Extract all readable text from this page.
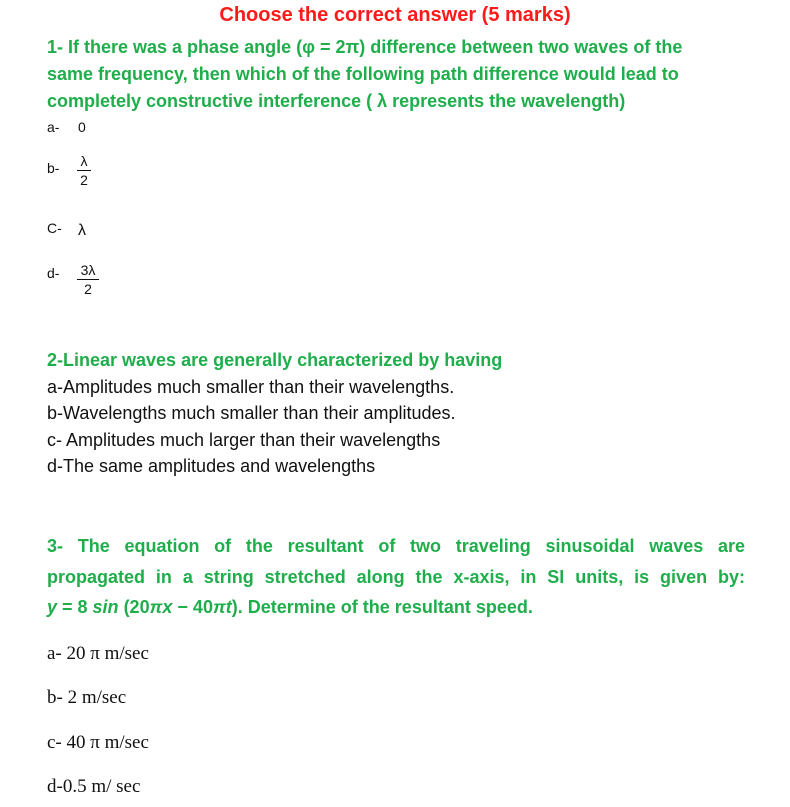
Choose the correct answer (5 marks)
1- If there was a phase angle (φ = 2π) difference between two waves of the
same frequency, then which of the following path difference would lead to
completely constructive interference ( λ represents the wavelength)
a- 0
b- λ
2
C- λ
d- 3λ
2
2-Linear waves are generally characterized by having
a-Amplitudes much smaller than their wavelengths.
b-Wavelengths much smaller than their amplitudes.
c- Amplitudes much larger than their wavelengths
d-The same amplitudes and wavelengths
3- The equation of the resultant of two traveling sinusoidal waves are
propagated in a string stretched along the x-axis, in SI units, is given by:
y = 8 sin (20πx − 40πt). Determine of the resultant speed.
a- 20 π m/sec
b- 2 m/sec
c- 40 π m/sec
d-0.5 m/ sec
